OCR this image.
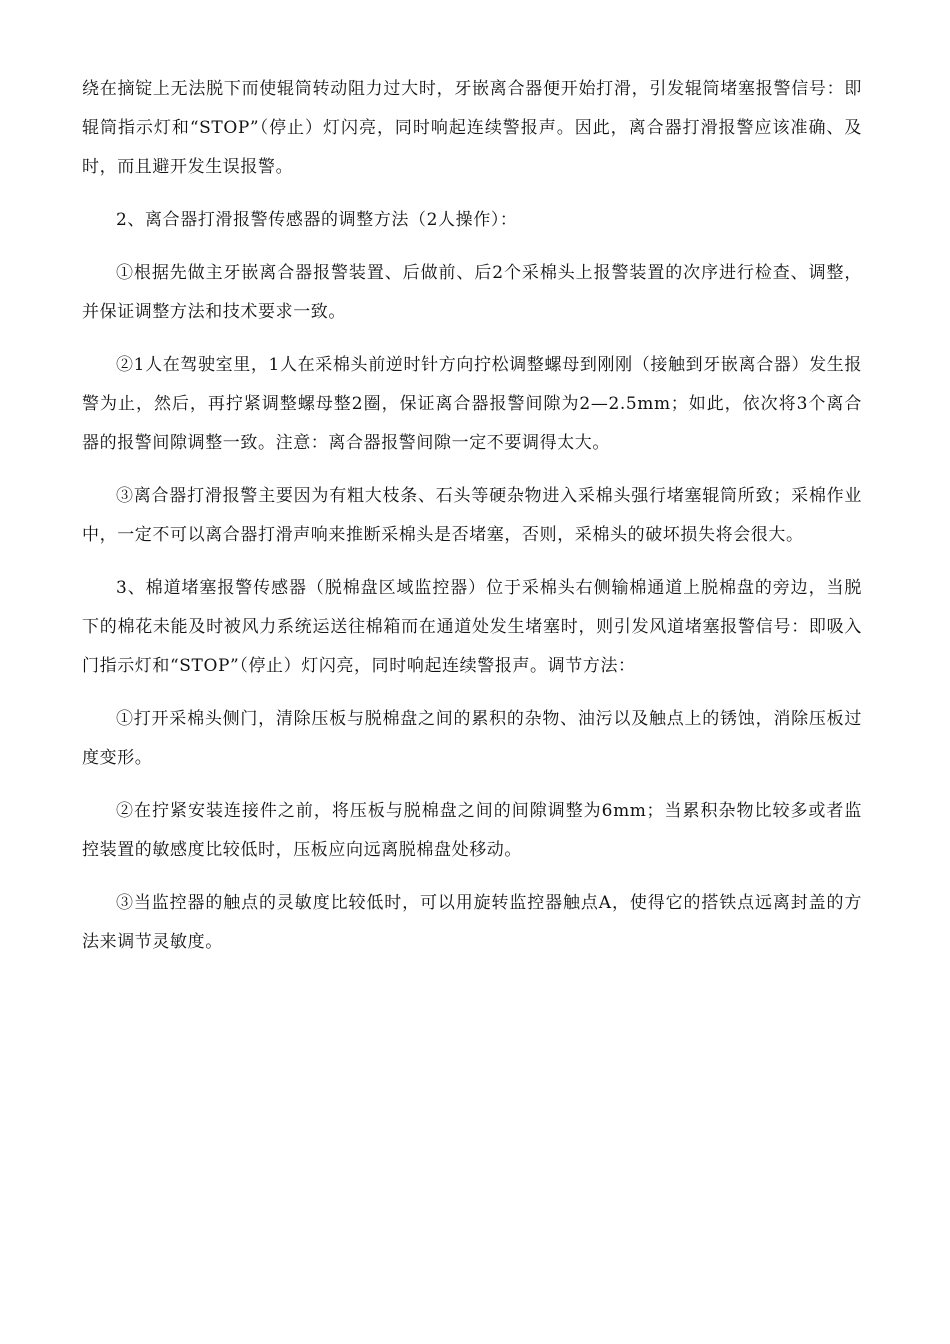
绕在摘锭上无法脱下而使辊筒转动阻力过大时，牙嵌离合器便开始打滑，引发辊筒堵塞报警信号：即辊筒指示灯和“STOP”（停止）灯闪亮，同时响起连续警报声。因此，离合器打滑报警应该准确、及时，而且避开发生误报警。

2、离合器打滑报警传感器的调整方法（2人操作）：

①根据先做主牙嵌离合器报警装置、后做前、后2个采棉头上报警装置的次序进行检查、调整，并保证调整方法和技术要求一致。

②1人在驾驶室里，1人在采棉头前逆时针方向拧松调整螺母到刚刚（接触到牙嵌离合器）发生报警为止，然后，再拧紧调整螺母整2圈，保证离合器报警间隙为2—2.5mm；如此，依次将3个离合器的报警间隙调整一致。注意：离合器报警间隙一定不要调得太大。

③离合器打滑报警主要因为有粗大枝条、石头等硬杂物进入采棉头强行堵塞辊筒所致；采棉作业中，一定不可以离合器打滑声响来推断采棉头是否堵塞，否则，采棉头的破坏损失将会很大。

3、棉道堵塞报警传感器（脱棉盘区域监控器）位于采棉头右侧输棉通道上脱棉盘的旁边，当脱下的棉花未能及时被风力系统运送往棉箱而在通道处发生堵塞时，则引发风道堵塞报警信号：即吸入门指示灯和“STOP”（停止）灯闪亮，同时响起连续警报声。调节方法：

①打开采棉头侧门，清除压板与脱棉盘之间的累积的杂物、油污以及触点上的锈蚀，消除压板过度变形。

②在拧紧安装连接件之前，将压板与脱棉盘之间的间隙调整为6mm；当累积杂物比较多或者监控装置的敏感度比较低时，压板应向远离脱棉盘处移动。

③当监控器的触点的灵敏度比较低时，可以用旋转监控器触点A，使得它的搭铁点远离封盖的方法来调节灵敏度。
